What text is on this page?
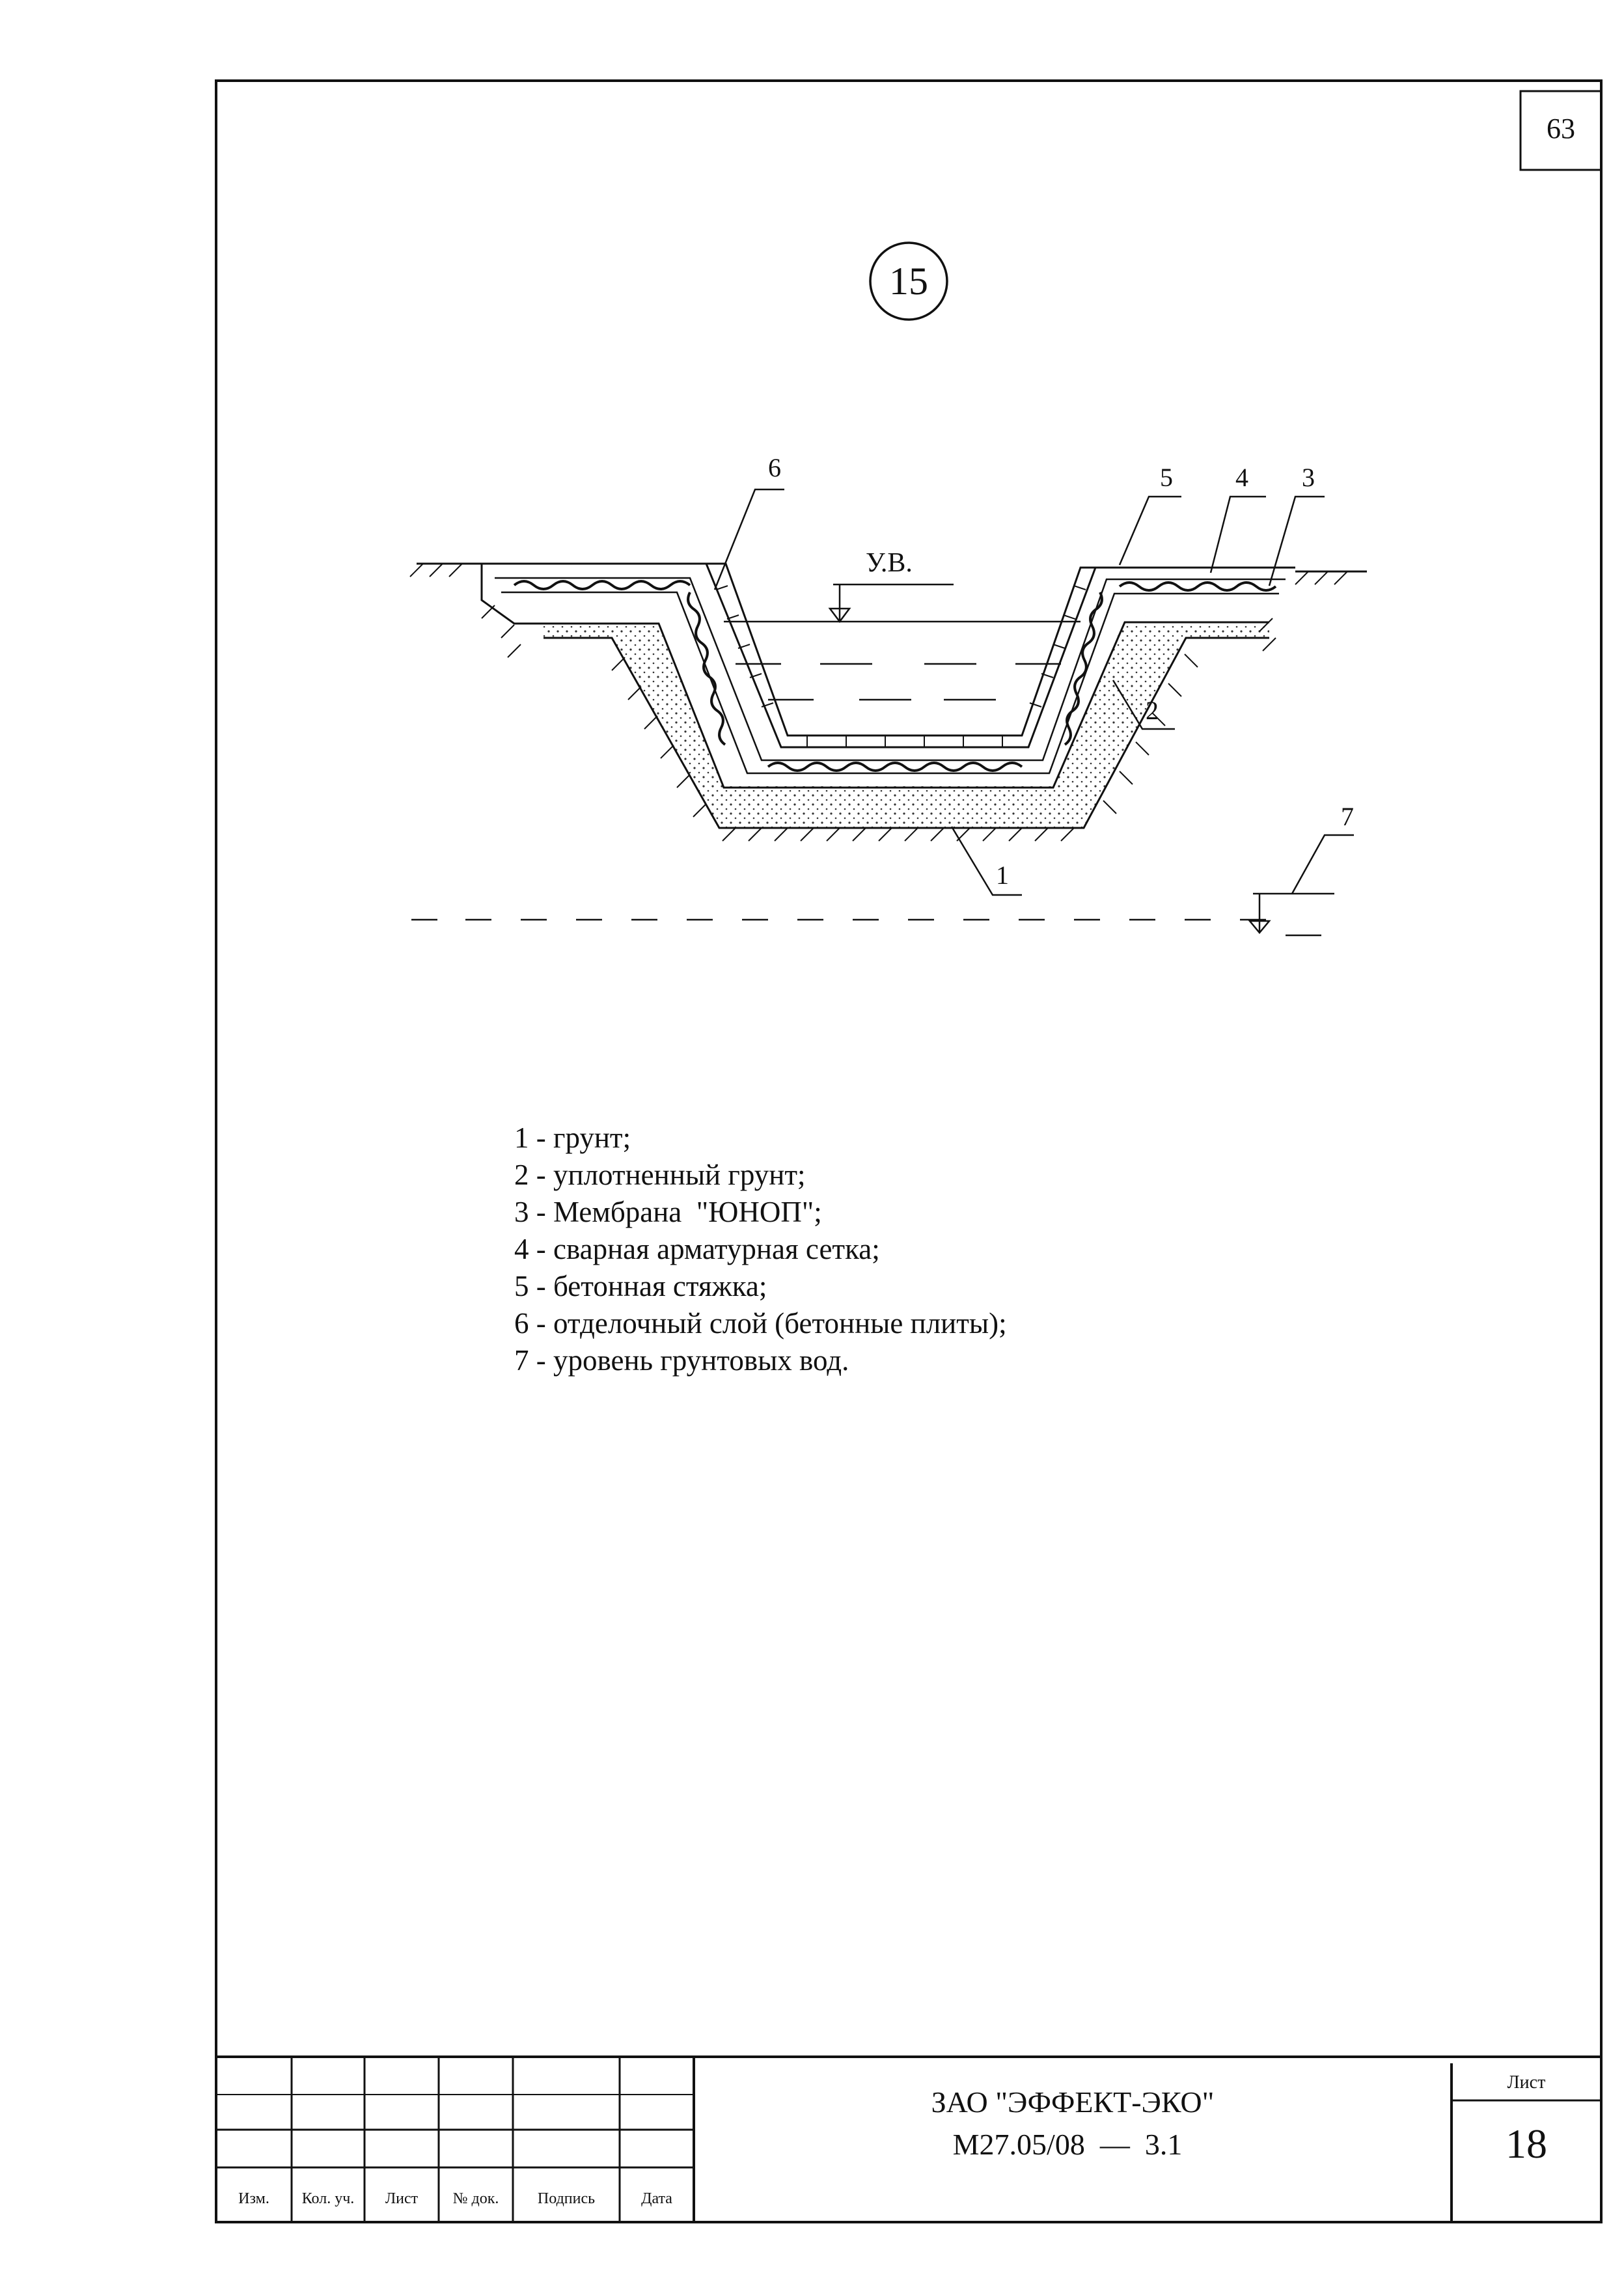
63
15
У.В.
6	5 4 3
2
1
7
Изм. Кол. уч. Лист № док. Подпись	Дата
ЗАО "ЭФФЕКТ-ЭКО"
М27.05/08  —  3.1
Лист
18
1 - грунт;
2 - уплотненный грунт;
3 - Мембрана  "ЮНОП";
4 - сварная арматурная сетка;
5 - бетонная стяжка;
6 - отделочный слой (бетонные плиты);
7 - уровень грунтовых вод.
